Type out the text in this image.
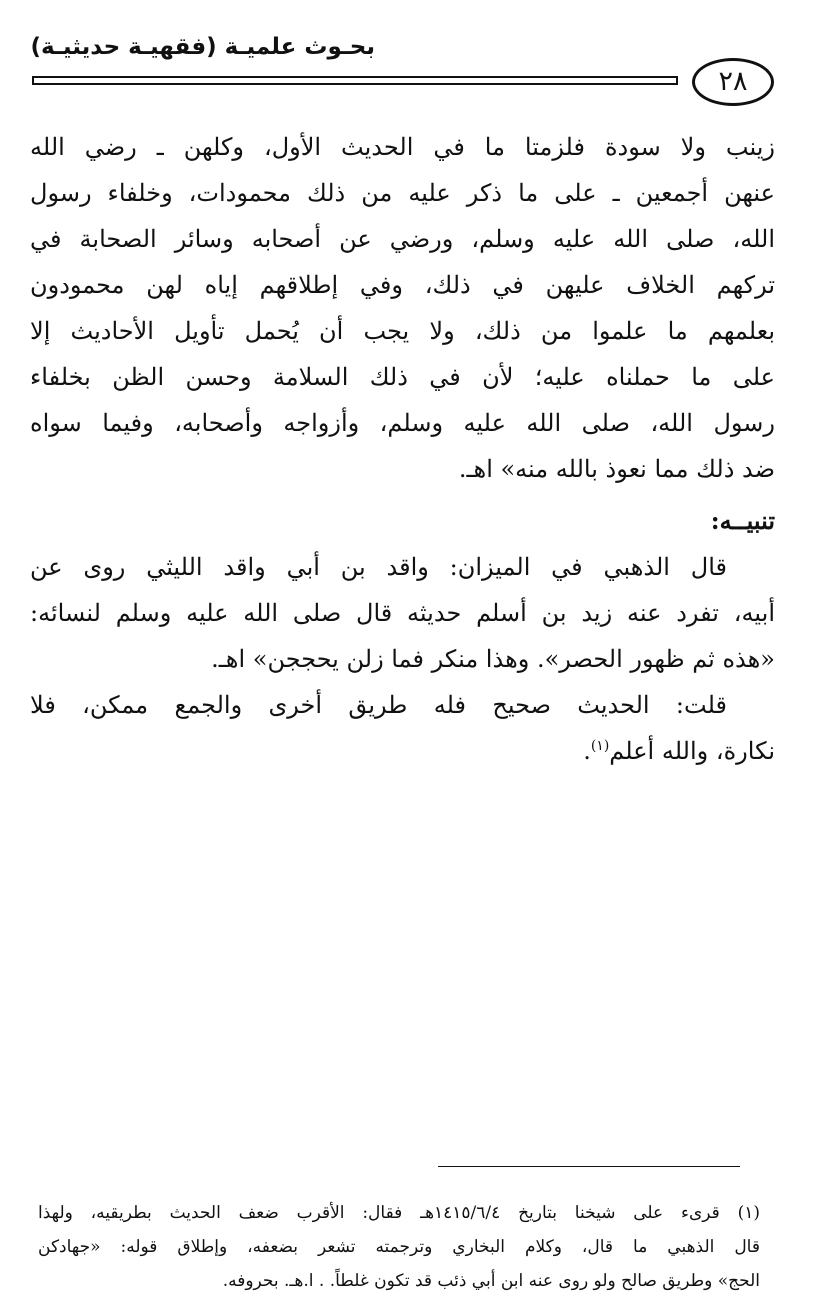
بحـوث علميـة (فقهيـة حديثيـة)
٢٨
زينب ولا سودة فلزمتا ما في الحديث الأول، وكلهن ـ رضي الله
عنهن أجمعين ـ على ما ذكر عليه من ذلك محمودات، وخلفاء رسول
الله، صلى الله عليه وسلم، ورضي عن أصحابه وسائر الصحابة في
تركهم الخلاف عليهن في ذلك، وفي إطلاقهم إياه لهن محمودون
بعلمهم ما علموا من ذلك، ولا يجب أن يُحمل تأويل الأحاديث إلا
على ما حملناه عليه؛ لأن في ذلك السلامة وحسن الظن بخلفاء
رسول الله، صلى الله عليه وسلم، وأزواجه وأصحابه، وفيما سواه
ضد ذلك مما نعوذ بالله منه» اهـ.
تنبيــه:
قال الذهبي في الميزان: واقد بن أبي واقد الليثي روى عن
أبيه، تفرد عنه زيد بن أسلم حديثه قال صلى الله عليه وسلم لنسائه:
«هذه ثم ظهور الحصر». وهذا منكر فما زلن يحججن» اهـ.
قلت: الحديث صحيح فله طريق أخرى والجمع ممكن، فلا
نكارة، والله أعلم$^{(١)}$.
(١) قرىء على شيخنا بتاريخ ١٤١٥/٦/٤هـ فقال: الأقرب ضعف الحديث بطريقيه، ولهذا
قال الذهبي ما قال، وكلام البخاري وترجمته تشعر بضعفه، وإطلاق قوله: «جهادكن
الحج» وطريق صالح ولو روى عنه ابن أبي ذئب قد تكون غلطاً. . ا.هـ. بحروفه.
